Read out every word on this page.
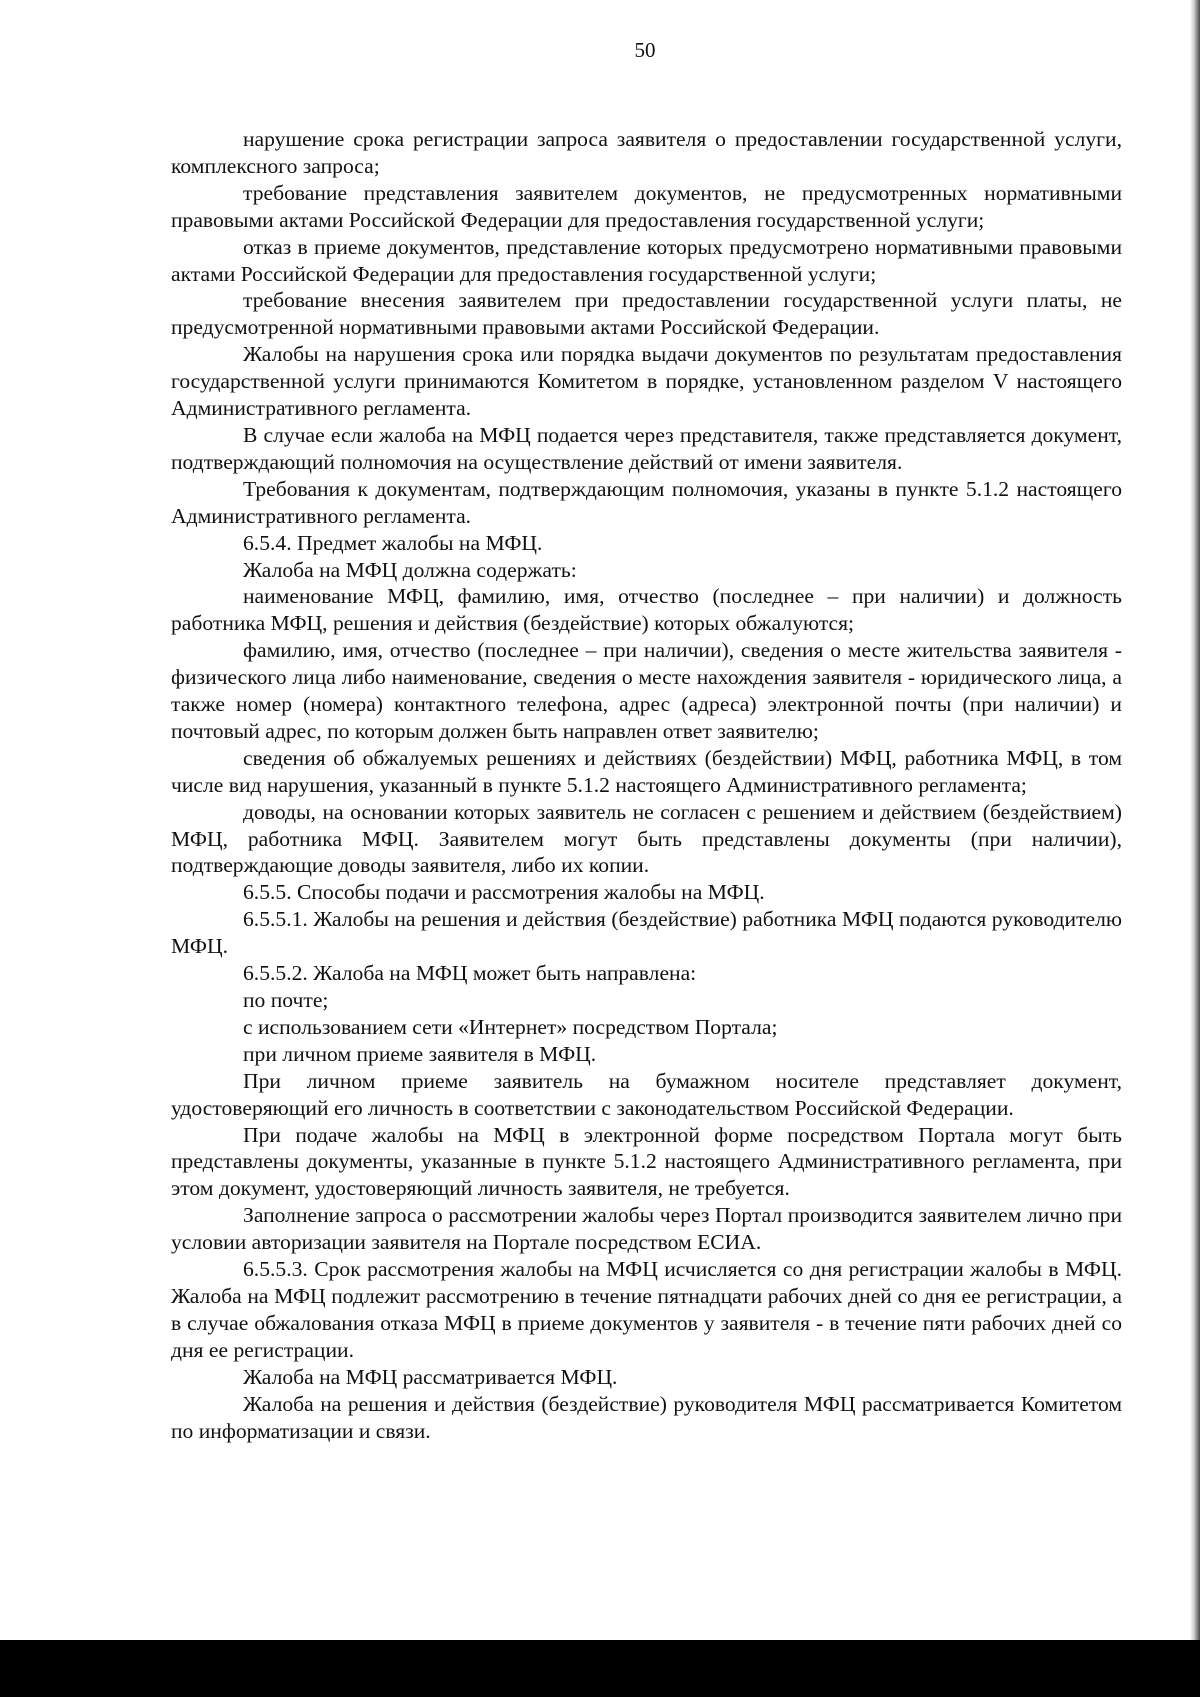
50

нарушение срока регистрации запроса заявителя о предоставлении государственной услуги, комплексного запроса;

требование представления заявителем документов, не предусмотренных нормативными правовыми актами Российской Федерации для предоставления государственной услуги;

отказ в приеме документов, представление которых предусмотрено нормативными правовыми актами Российской Федерации для предоставления государственной услуги;

требование внесения заявителем при предоставлении государственной услуги платы, не предусмотренной нормативными правовыми актами Российской Федерации.

Жалобы на нарушения срока или порядка выдачи документов по результатам предоставления государственной услуги принимаются Комитетом в порядке, установленном разделом V настоящего Административного регламента.

В случае если жалоба на МФЦ подается через представителя, также представляется документ, подтверждающий полномочия на осуществление действий от имени заявителя.

Требования к документам, подтверждающим полномочия, указаны в пункте 5.1.2 настоящего Административного регламента.

6.5.4. Предмет жалобы на МФЦ.

Жалоба на МФЦ должна содержать:

наименование МФЦ, фамилию, имя, отчество (последнее – при наличии) и должность работника МФЦ, решения и действия (бездействие) которых обжалуются;

фамилию, имя, отчество (последнее – при наличии), сведения о месте жительства заявителя - физического лица либо наименование, сведения о месте нахождения заявителя - юридического лица, а также номер (номера) контактного телефона, адрес (адреса) электронной почты (при наличии) и почтовый адрес, по которым должен быть направлен ответ заявителю;

сведения об обжалуемых решениях и действиях (бездействии) МФЦ, работника МФЦ, в том числе вид нарушения, указанный в пункте 5.1.2 настоящего Административного регламента;

доводы, на основании которых заявитель не согласен с решением и действием (бездействием) МФЦ, работника МФЦ. Заявителем могут быть представлены документы (при наличии), подтверждающие доводы заявителя, либо их копии.

6.5.5. Способы подачи и рассмотрения жалобы на МФЦ.

6.5.5.1. Жалобы на решения и действия (бездействие) работника МФЦ подаются руководителю МФЦ.

6.5.5.2. Жалоба на МФЦ может быть направлена:

по почте;

с использованием сети «Интернет» посредством Портала;

при личном приеме заявителя в МФЦ.

При личном приеме заявитель на бумажном носителе представляет документ, удостоверяющий его личность в соответствии с законодательством Российской Федерации.

При подаче жалобы на МФЦ в электронной форме посредством Портала могут быть представлены документы, указанные в пункте 5.1.2 настоящего Административного регламента, при этом документ, удостоверяющий личность заявителя, не требуется.

Заполнение запроса о рассмотрении жалобы через Портал производится заявителем лично при условии авторизации заявителя на Портале посредством ЕСИА.

6.5.5.3. Срок рассмотрения жалобы на МФЦ исчисляется со дня регистрации жалобы в МФЦ. Жалоба на МФЦ подлежит рассмотрению в течение пятнадцати рабочих дней со дня ее регистрации, а в случае обжалования отказа МФЦ в приеме документов у заявителя - в течение пяти рабочих дней со дня ее регистрации.

Жалоба на МФЦ рассматривается МФЦ.

Жалоба на решения и действия (бездействие) руководителя МФЦ рассматривается Комитетом по информатизации и связи.
